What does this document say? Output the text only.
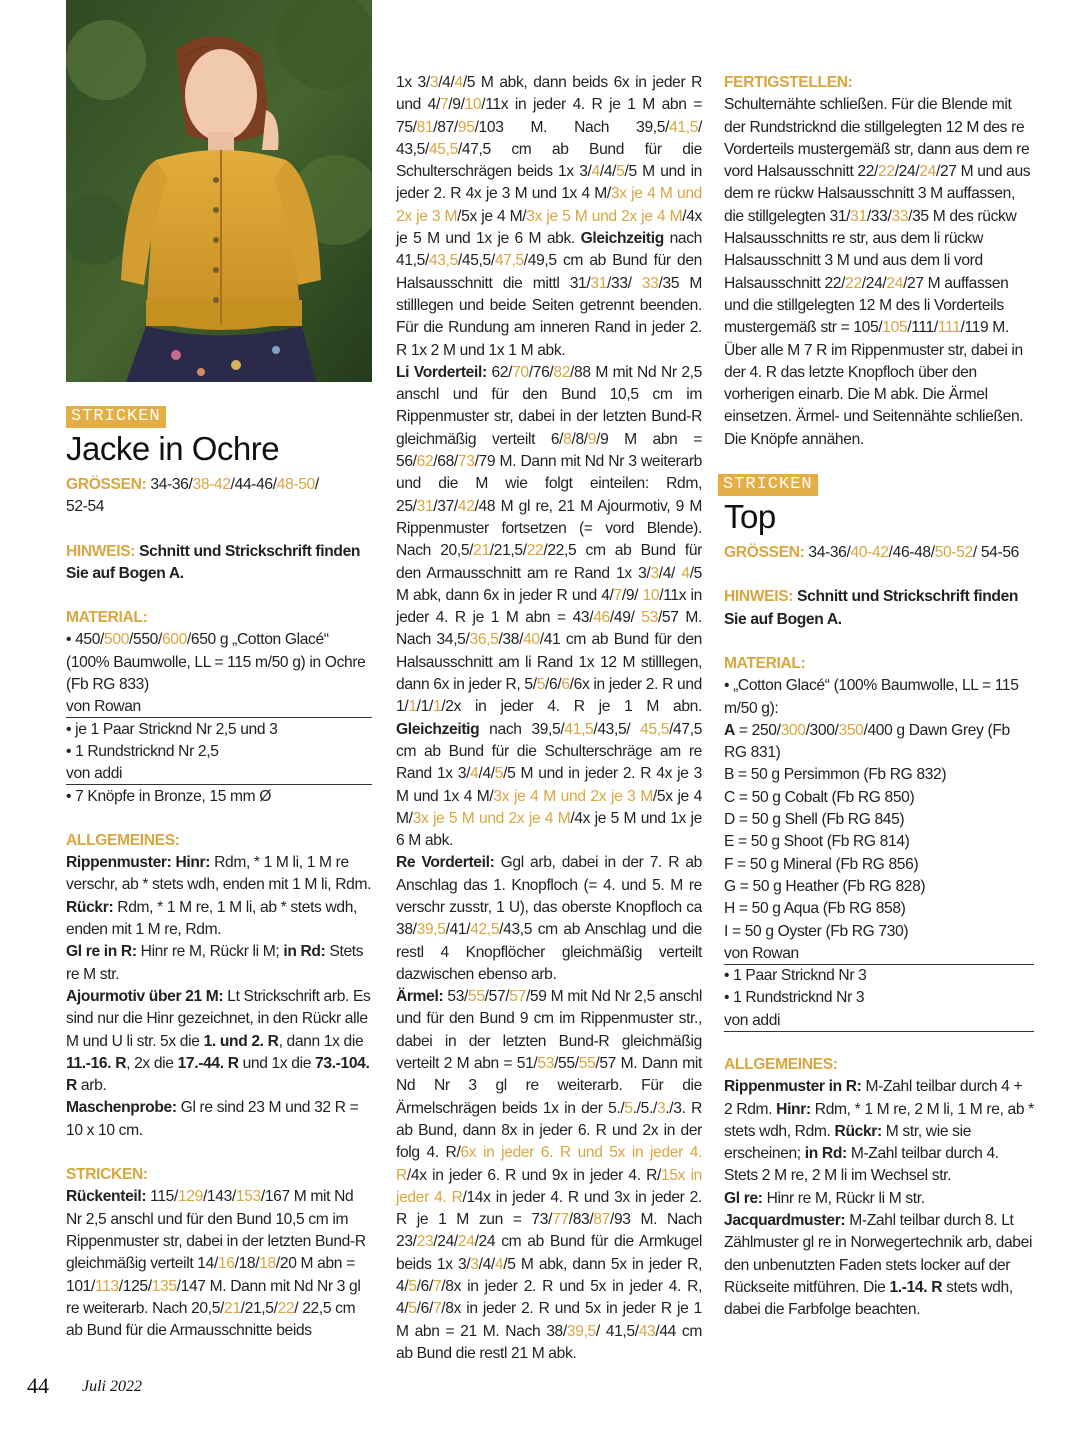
STRICKEN
Jacke in Ochre

GRÖSSEN: 34-36/38-42/44-46/48-50/
52-54

HINWEIS: Schnitt und Strickschrift finden Sie auf Bogen A.

MATERIAL:

• 450/500/550/600/650 g „Cotton Glacé“ (100% Baumwolle, LL = 115 m/50 g) in Ochre (Fb RG 833)

von Rowan

• je 1 Paar Stricknd Nr 2,5 und 3

• 1 Rundstricknd Nr 2,5

von addi

• 7 Knöpfe in Bronze, 15 mm Ø

ALLGEMEINES:

Rippenmuster: Hinr: Rdm, * 1 M li, 1 M re verschr, ab * stets wdh, enden mit 1 M li, Rdm. Rückr: Rdm, * 1 M re, 1 M li, ab * stets wdh, enden mit 1 M re, Rdm.
Gl re in R: Hinr re M, Rückr li M; in Rd: Stets re M str.
Ajourmotiv über 21 M: Lt Strickschrift arb. Es sind nur die Hinr gezeichnet, in den Rückr alle M und U li str. 5x die 1. und 2. R, dann 1x die 11.-16. R, 2x die 17.-44. R und 1x die 73.-104. R arb.
Maschenprobe: Gl re sind 23 M und 32 R = 10 x 10 cm.

STRICKEN:

Rückenteil: 115/129/143/153/167 M mit Nd Nr 2,5 anschl und für den Bund 10,5 cm im Rippenmuster str, dabei in der letzten Bund-R gleichmäßig verteilt 14/16/18/18/20 M abn = 101/113/125/135/147 M. Dann mit Nd Nr 3 gl re weiterarb. Nach 20,5/21/21,5/22/ 22,5 cm ab Bund für die Armausschnitte beids

1x 3/3/4/4/5 M abk, dann beids 6x in jeder R und 4/7/9/10/11x in jeder 4. R je 1 M abn = 75/81/87/95/103 M. Nach 39,5/41,5/ 43,5/45,5/47,5 cm ab Bund für die Schulterschrägen beids 1x 3/4/4/5/5 M und in jeder 2. R 4x je 3 M und 1x 4 M/3x je 4 M und 2x je 3 M/5x je 4 M/3x je 5 M und 2x je 4 M/4x je 5 M und 1x je 6 M abk. Gleichzeitig nach 41,5/43,5/45,5/47,5/49,5 cm ab Bund für den Halsausschnitt die mittl 31/31/33/ 33/35 M stilllegen und beide Seiten getrennt beenden. Für die Rundung am inneren Rand in jeder 2. R 1x 2 M und 1x 1 M abk.

Li Vorderteil: 62/70/76/82/88 M mit Nd Nr 2,5 anschl und für den Bund 10,5 cm im Rippenmuster str, dabei in der letzten Bund-R gleichmäßig verteilt 6/8/8/9/9 M abn = 56/62/68/73/79 M. Dann mit Nd Nr 3 weiterarb und die M wie folgt einteilen: Rdm, 25/31/37/42/48 M gl re, 21 M Ajourmotiv, 9 M Rippenmuster fortsetzen (= vord Blende). Nach 20,5/21/21,5/22/22,5 cm ab Bund für den Armausschnitt am re Rand 1x 3/3/4/ 4/5 M abk, dann 6x in jeder R und 4/7/9/ 10/11x in jeder 4. R je 1 M abn = 43/46/49/ 53/57 M. Nach 34,5/36,5/38/40/41 cm ab Bund für den Halsausschnitt am li Rand 1x 12 M stilllegen, dann 6x in jeder R, 5/5/6/6/6x in jeder 2. R und 1/1/1/1/2x in jeder 4. R je 1 M abn. Gleichzeitig nach 39,5/41,5/43,5/ 45,5/47,5 cm ab Bund für die Schulterschräge am re Rand 1x 3/4/4/5/5 M und in jeder 2. R 4x je 3 M und 1x 4 M/3x je 4 M und 2x je 3 M/5x je 4 M/3x je 5 M und 2x je 4 M/4x je 5 M und 1x je 6 M abk.

Re Vorderteil: Ggl arb, dabei in der 7. R ab Anschlag das 1. Knopfloch (= 4. und 5. M re verschr zusstr, 1 U), das oberste Knopfloch ca 38/39,5/41/42,5/43,5 cm ab Anschlag und die restl 4 Knopflöcher gleichmäßig verteilt dazwischen ebenso arb.

Ärmel: 53/55/57/57/59 M mit Nd Nr 2,5 anschl und für den Bund 9 cm im Rippenmuster str., dabei in der letzten Bund-R gleichmäßig verteilt 2 M abn = 51/53/55/55/57 M. Dann mit Nd Nr 3 gl re weiterarb. Für die Ärmelschrägen beids 1x in der 5./5./5./3./3. R ab Bund, dann 8x in jeder 6. R und 2x in der folg 4. R/6x in jeder 6. R und 5x in jeder 4. R/4x in jeder 6. R und 9x in jeder 4. R/15x in jeder 4. R/14x in jeder 4. R und 3x in jeder 2. R je 1 M zun = 73/77/83/87/93 M. Nach 23/23/24/24/24 cm ab Bund für die Armkugel beids 1x 3/3/4/4/5 M abk, dann 5x in jeder R, 4/5/6/7/8x in jeder 2. R und 5x in jeder 4. R, 4/5/6/7/8x in jeder 2. R und 5x in jeder R je 1 M abn = 21 M. Nach 38/39,5/ 41,5/43/44 cm ab Bund die restl 21 M abk.

FERTIGSTELLEN:

Schulternähte schließen. Für die Blende mit der Rundstricknd die stillgelegten 12 M des re Vorderteils mustergemäß str, dann aus dem re vord Halsausschnitt 22/22/24/24/27 M und aus dem re rückw Halsausschnitt 3 M auffassen, die stillgelegten 31/31/33/33/35 M des rückw Halsausschnitts re str, aus dem li rückw Halsausschnitt 3 M und aus dem li vord Halsausschnitt 22/22/24/24/27 M auffassen und die stillgelegten 12 M des li Vorderteils mustergemäß str = 105/105/111/111/119 M. Über alle M 7 R im Rippenmuster str, dabei in der 4. R das letzte Knopfloch über den vorherigen einarb. Die M abk. Die Ärmel einsetzen. Ärmel- und Seitennähte schließen. Die Knöpfe annähen.

STRICKEN
Top

GRÖSSEN: 34-36/40-42/46-48/50-52/ 54-56

HINWEIS: Schnitt und Strickschrift finden Sie auf Bogen A.

MATERIAL:

• „Cotton Glacé“ (100% Baumwolle, LL = 115 m/50 g):

A = 250/300/300/350/400 g Dawn Grey (Fb RG 831)

B = 50 g Persimmon (Fb RG 832)

C = 50 g Cobalt (Fb RG 850)

D = 50 g Shell (Fb RG 845)

E = 50 g Shoot (Fb RG 814)

F = 50 g Mineral (Fb RG 856)

G = 50 g Heather (Fb RG 828)

H = 50 g Aqua (Fb RG 858)

I = 50 g Oyster (Fb RG 730)

von Rowan

• 1 Paar Stricknd Nr 3

• 1 Rundstricknd Nr 3

von addi

ALLGEMEINES:

Rippenmuster in R: M-Zahl teilbar durch 4 + 2 Rdm. Hinr: Rdm, * 1 M re, 2 M li, 1 M re, ab * stets wdh, Rdm. Rückr: M str, wie sie erscheinen; in Rd: M-Zahl teilbar durch 4. Stets 2 M re, 2 M li im Wechsel str.
Gl re: Hinr re M, Rückr li M str.
Jacquardmuster: M-Zahl teilbar durch 8. Lt Zählmuster gl re in Norwegertechnik arb, dabei den unbenutzten Faden stets locker auf der Rückseite mitführen. Die 1.-14. R stets wdh, dabei die Farbfolge beachten.

44 Juli 2022
